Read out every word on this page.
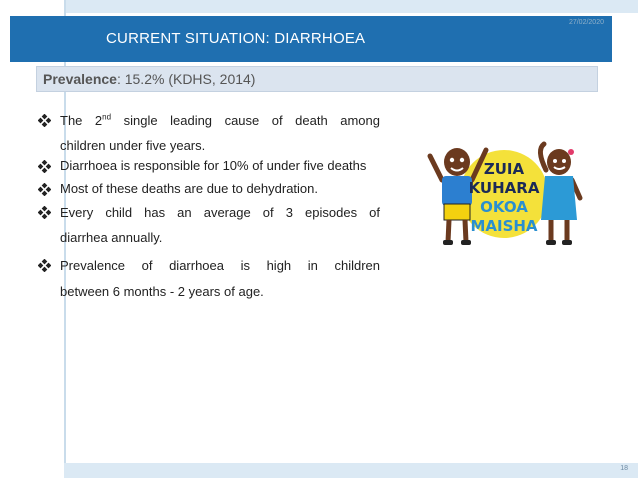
27/02/2020
CURRENT SITUATION: DIARRHOEA
Prevalence: 15.2% (KDHS, 2014)
The 2nd single leading cause of death among
children under five years.
Diarrhoea is responsible for 10% of under five deaths
Most of these deaths are due to dehydration.
Every child has an average of 3 episodes of
diarrhea annually.
Prevalence of diarrhoea is high in children
between 6 months - 2 years of age.
ZUIA
KUHARA
OKOA
MAISHA
18
